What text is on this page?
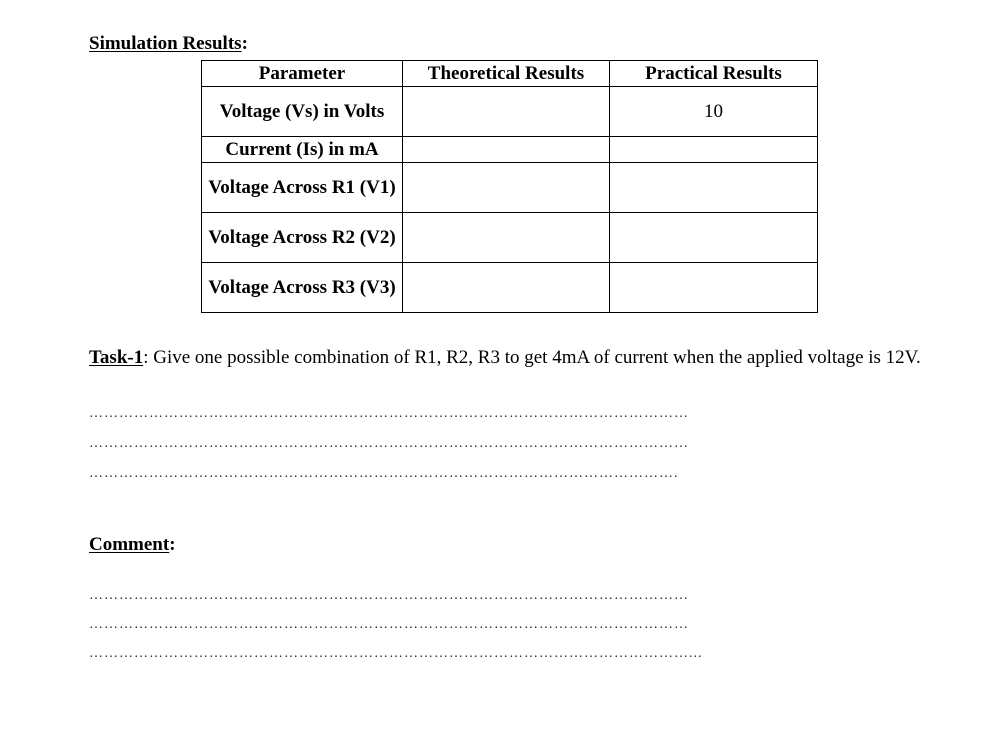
Simulation Results:
Parameter	Theoretical Results	Practical Results
Voltage (Vs) in Volts		10
Current (Is) in mA		
Voltage Across R1 (V1)		
Voltage Across R2 (V2)		
Voltage Across R3 (V3)		
Task-1: Give one possible combination of R1, R2, R3 to get 4mA of current when the applied voltage is 12V.
…………………………………………………………………………………………………………
…………………………………………………………………………………………………………
……………………………………………………………………………………………………….
Comment:
…………………………………………………………………………………………………………
…………………………………………………………………………………………………………
…………………………………………………………………………………………………………...
